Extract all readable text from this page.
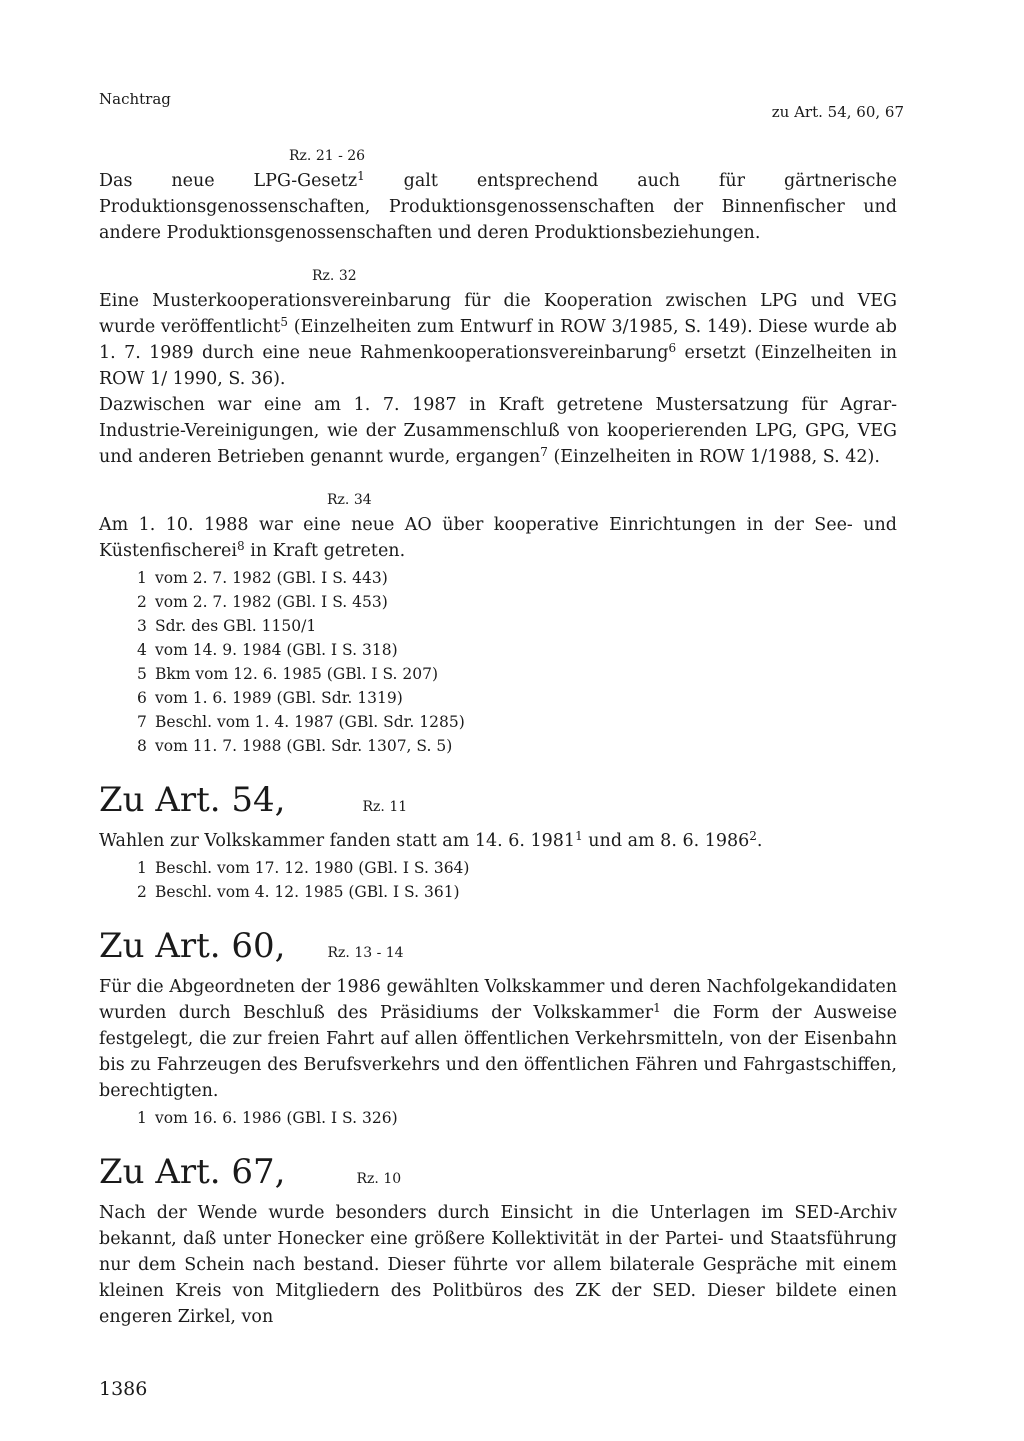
Nachtrag
zu Art. 54, 60, 67
Rz. 21 - 26

Das neue LPG-Gesetz$^1$ galt entsprechend auch für gärtnerische Produktionsgenossenschaften, Produktionsgenossenschaften der Binnenfischer und andere Produktionsgenossenschaften und deren Produktionsbeziehungen.

Rz. 32

Eine Musterkooperationsvereinbarung für die Kooperation zwischen LPG und VEG wurde veröffentlicht$^5$ (Einzelheiten zum Entwurf in ROW 3/1985, S. 149). Diese wurde ab 1. 7. 1989 durch eine neue Rahmenkooperationsvereinbarung$^6$ ersetzt (Einzelheiten in ROW 1/ 1990, S. 36).

Dazwischen war eine am 1. 7. 1987 in Kraft getretene Mustersatzung für Agrar-Industrie-Vereinigungen, wie der Zusammenschluß von kooperierenden LPG, GPG, VEG und anderen Betrieben genannt wurde, ergangen$^7$ (Einzelheiten in ROW 1/1988, S. 42).

Rz. 34

Am 1. 10. 1988 war eine neue AO über kooperative Einrichtungen in der See- und Küstenfischerei$^8$ in Kraft getreten.

1 vom 2. 7. 1982 (GBl. I S. 443)
2 vom 2. 7. 1982 (GBl. I S. 453)
3 Sdr. des GBl. 1150/1
4 vom 14. 9. 1984 (GBl. I S. 318)
5 Bkm vom 12. 6. 1985 (GBl. I S. 207)
6 vom 1. 6. 1989 (GBl. Sdr. 1319)
7 Beschl. vom 1. 4. 1987 (GBl. Sdr. 1285)
8 vom 11. 7. 1988 (GBl. Sdr. 1307, S. 5)
Zu Art. 54,	Rz. 11

Wahlen zur Volkskammer fanden statt am 14. 6. 1981$^1$ und am 8. 6. 1986$^2$.

1 Beschl. vom 17. 12. 1980 (GBl. I S. 364)
2 Beschl. vom 4. 12. 1985 (GBl. I S. 361)
Zu Art. 60,	Rz. 13 - 14

Für die Abgeordneten der 1986 gewählten Volkskammer und deren Nachfolgekandidaten wurden durch Beschluß des Präsidiums der Volkskammer$^1$ die Form der Ausweise festgelegt, die zur freien Fahrt auf allen öffentlichen Verkehrsmitteln, von der Eisenbahn bis zu Fahrzeugen des Berufsverkehrs und den öffentlichen Fähren und Fahrgastschiffen, berechtigten.

1 vom 16. 6. 1986 (GBl. I S. 326)
Zu Art. 67,	Rz. 10

Nach der Wende wurde besonders durch Einsicht in die Unterlagen im SED-Archiv bekannt, daß unter Honecker eine größere Kollektivität in der Partei- und Staatsführung nur dem Schein nach bestand. Dieser führte vor allem bilaterale Gespräche mit einem kleinen Kreis von Mitgliedern des Politbüros des ZK der SED. Dieser bildete einen engeren Zirkel, von

1386
